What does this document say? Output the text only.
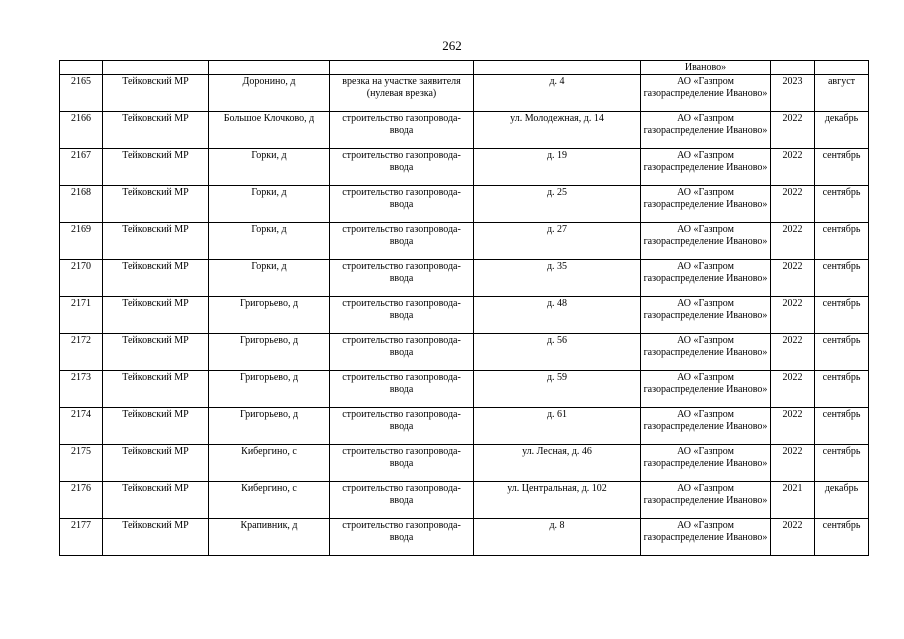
262
					Иваново»		
2165	Тейковский МР	Доронино, д	врезка на участке заявителя (нулевая врезка)	д. 4	АО «Газпром газораспределение Иваново»	2023	август
2166	Тейковский МР	Большое Клочково, д	строительство газопровода-ввода	ул. Молодежная, д. 14	АО «Газпром газораспределение Иваново»	2022	декабрь
2167	Тейковский МР	Горки, д	строительство газопровода-ввода	д. 19	АО «Газпром газораспределение Иваново»	2022	сентябрь
2168	Тейковский МР	Горки, д	строительство газопровода-ввода	д. 25	АО «Газпром газораспределение Иваново»	2022	сентябрь
2169	Тейковский МР	Горки, д	строительство газопровода-ввода	д. 27	АО «Газпром газораспределение Иваново»	2022	сентябрь
2170	Тейковский МР	Горки, д	строительство газопровода-ввода	д. 35	АО «Газпром газораспределение Иваново»	2022	сентябрь
2171	Тейковский МР	Григорьево, д	строительство газопровода-ввода	д. 48	АО «Газпром газораспределение Иваново»	2022	сентябрь
2172	Тейковский МР	Григорьево, д	строительство газопровода-ввода	д. 56	АО «Газпром газораспределение Иваново»	2022	сентябрь
2173	Тейковский МР	Григорьево, д	строительство газопровода-ввода	д. 59	АО «Газпром газораспределение Иваново»	2022	сентябрь
2174	Тейковский МР	Григорьево, д	строительство газопровода-ввода	д. 61	АО «Газпром газораспределение Иваново»	2022	сентябрь
2175	Тейковский МР	Кибергино, с	строительство газопровода-ввода	ул. Лесная, д. 46	АО «Газпром газораспределение Иваново»	2022	сентябрь
2176	Тейковский МР	Кибергино, с	строительство газопровода-ввода	ул. Центральная, д. 102	АО «Газпром газораспределение Иваново»	2021	декабрь
2177	Тейковский МР	Крапивник, д	строительство газопровода-ввода	д. 8	АО «Газпром газораспределение Иваново»	2022	сентябрь
